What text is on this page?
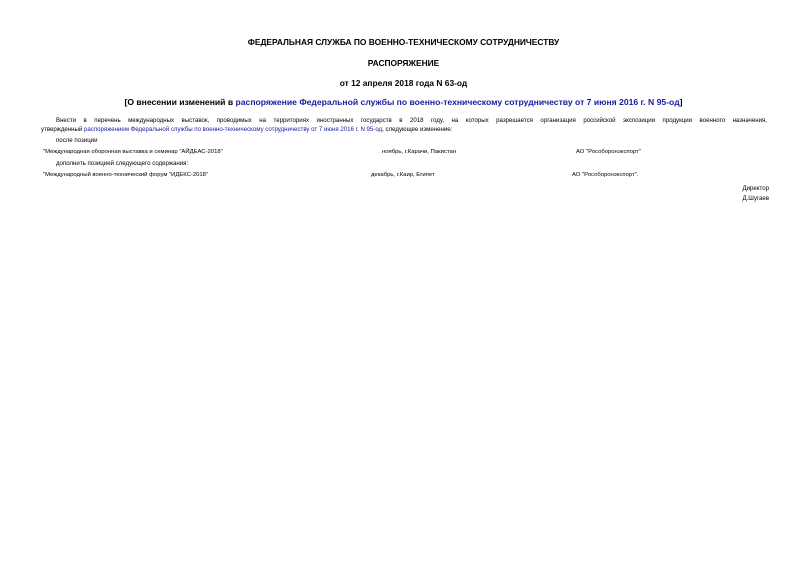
ФЕДЕРАЛЬНАЯ СЛУЖБА ПО ВОЕННО-ТЕХНИЧЕСКОМУ СОТРУДНИЧЕСТВУ
РАСПОРЯЖЕНИЕ
от 12 апреля 2018 года N 63-од
[О внесении изменений в распоряжение Федеральной службы по военно-техническому сотрудничеству от 7 июня 2016 г. N 95-од]
Внести в перечень международных выставок, проводимых на территориях иностранных государств в 2018 году, на которых разрешается организация российской экспозиции продукции военного назначения,
утвержденный распоряжением Федеральной службы по военно-техническому сотрудничеству от 7 июня 2016 г. N 95-од, следующее изменение:
после позиции
"Международная оборонная выставка и семинар "АЙДЕАС-2018"	ноябрь, г.Карачи, Пакистан	АО "Рособоронэкспорт"
дополнить позицией следующего содержания:
"Международный военно-технический форум "ИДЕКС-2018"	декабрь, г.Каир, Египет	АО "Рособоронэкспорт".
Директор
Д.Шугаев
